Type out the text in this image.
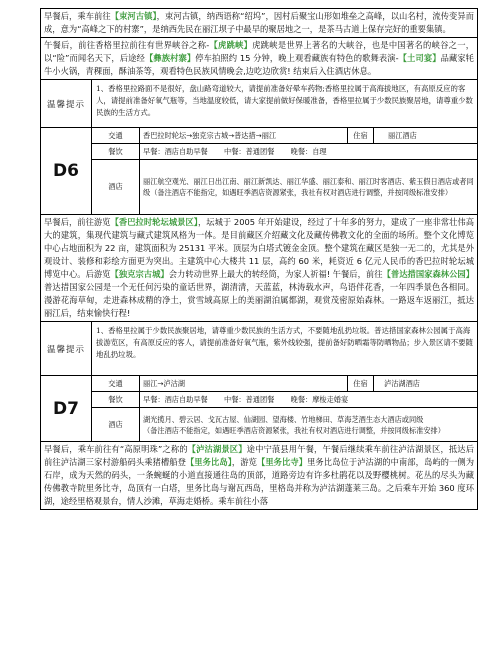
早餐后，乘车前往【束河古镇】，束河古镇，纳西语称“绍坞”，因村后聚宝山形如堆垒之高峰，以山名村，流传变异而成，意为“高峰之下的村寨”，是纳西先民在丽江坝子中最早的聚居地之一，是茶马古道上保存完好的重要集镇。				
午餐后，前往香格里拉前往有世界峡谷之称-【虎跳峡】虎跳峡是世界上著名的大峡谷，也是中国著名的峡谷之一，以“险”而闻名天下，后途经【彝族村寨】停车拍照约 15 分钟，晚上观看藏族有特色的歌舞表演-【土司宴】品藏家牦牛小火锅，青稞面，酥油茶等，观看特色民族风情晚会,边吃边欣赏! 结束后入住酒店休息。				
温馨提示	1、香格里拉路面不是很好，盘山路弯道较大，请提前准备好晕车药物;香格里拉属于高海拔地区，有高原反应的客人，请提前准备好氧气瓶等，当地温度较低，请大家提前做好保暖准备，香格里拉属于少数民族聚居地，请尊重少数民族的生活方式。			
D6	交通	香巴拉时轮坛→独克宗古城→普达措→丽江	住宿	丽江酒店
	餐饮	早餐：酒店自助早餐 中餐：普通团餐 晚餐：自理		
	酒店	丽江航空观光、丽江日出江南、丽江新凯达、丽江华盛、丽江泰和、丽江时客酒店、紫玉假日酒店或者同级（备注酒店不能指定，如遇旺季酒店资源紧张，我社有权对酒店进行调整，并按同级标准安排）		

早餐后，前往游览【香巴拉时轮坛城景区】，坛城于 2005 年开始建设，经过了十年多的努力，建成了一座非常壮伟高大的建筑，集现代建筑与藏式建筑风格为一体。是目前藏区介绍藏文化及藏传佛教文化的全面的场所。整个文化博览中心占地面积为 22 亩，建筑面积为 25131 平米。顶层为白塔式镀金金顶。整个建筑在藏区是独一无二的，尤其是外观设计、装修和彩绘方面更为突出。主建筑中心大楼共 11 层，高约 60 米，耗资近 6 亿元人民币的香巴拉时轮坛城博览中心。后游览【独克宗古城】会力转动世界上最大的转经筒，为家人祈福! 午餐后，前往【普达措国家森林公园】普达措国家公园是一个无任何污染的童话世界，湖清清，天蓝蓝，林涛载水声，鸟语伴花香，一年四季景色各相同。漫游花海草甸，走进森林成精的净土，赏雪域高原上的美丽湖泊属都湖，观赏茂密原始森林。一路返车返丽江，抵达丽江后，结束愉快行程!				
温馨提示	1、香格里拉属于少数民族聚居地，请尊重少数民族的生活方式，不要随地乱扔垃圾。普达措国家森林公园属于高海拔游览区，有高原反应的客人，请提前准备好氧气瓶，紫外线较强，提前备好防晒霜等防晒物品；步入景区请不要随地乱扔垃圾。			
D7	交通	丽江→泸沽湖	住宿	泸沽湖酒店
	餐饮	早餐：酒店自助早餐 中餐：普通团餐 晚餐：摩梭走婚宴		
	酒店	湖光揽月、碧云居、戈瓦古屋、仙湖园、望海楼、竹地梯田、草海芝酒生态大酒店或同级
（备注酒店不能指定，如遇旺季酒店资源紧张，我社有权对酒店进行调整，并按同级标准安排）		

早餐后，乘车前往有“高原明珠”之称的【泸沽湖景区】途中宁蒗县用午餐，午餐后继续乘车前往泸沽湖景区，抵达后前往泸沽湖三家村游船码头乘猪槽船登【里务比岛】，游览【里务比寺】里务比岛位于泸沽湖的中南部，岛屿的一侧为石岸，成为天然的码头，一条蜿蜒的小道直接通往岛的顶部，道路旁边有许多杜鹃花以及野樱桃树。花丛的尽头为藏传佛教寺院里务比寺，岛顶有一白塔，里务比岛与谢瓦西岛，里格岛并称为泸沽湖蓬莱三岛。之后乘车开始 360 度环湖，途经里格观景台，情人沙滩，草海走婚桥。乘车前往小落				
